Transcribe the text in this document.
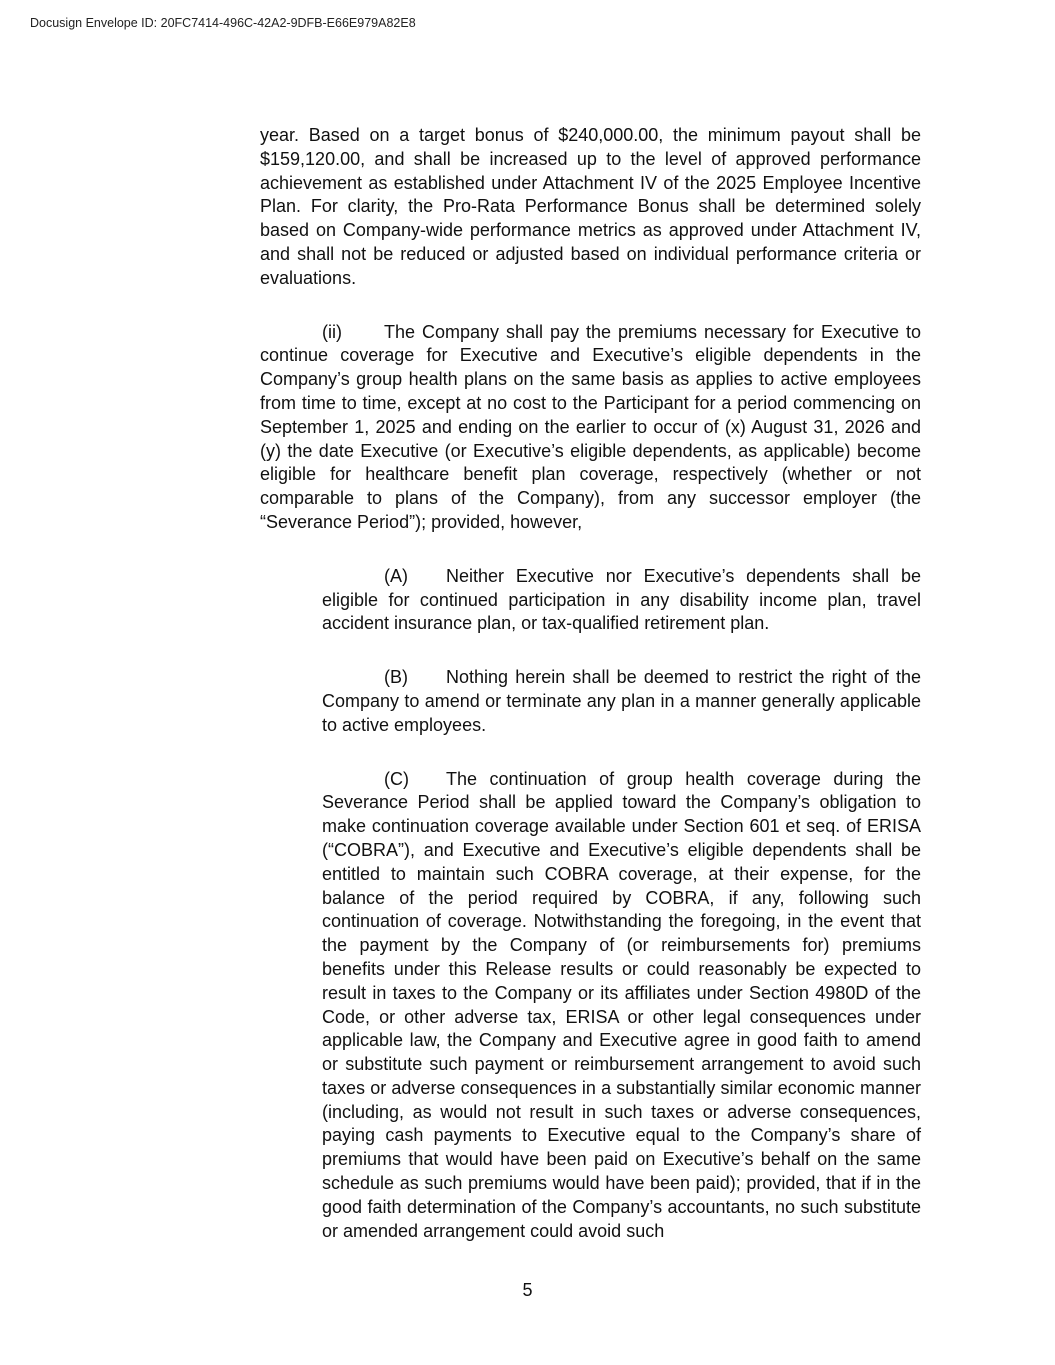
Docusign Envelope ID: 20FC7414-496C-42A2-9DFB-E66E979A82E8

year. Based on a target bonus of $240,000.00, the minimum payout shall be $159,120.00, and shall be increased up to the level of approved performance achievement as established under Attachment IV of the 2025 Employee Incentive Plan. For clarity, the Pro-Rata Performance Bonus shall be determined solely based on Company-wide performance metrics as approved under Attachment IV, and shall not be reduced or adjusted based on individual performance criteria or evaluations.

(ii) The Company shall pay the premiums necessary for Executive to continue coverage for Executive and Executive’s eligible dependents in the Company’s group health plans on the same basis as applies to active employees from time to time, except at no cost to the Participant for a period commencing on September 1, 2025 and ending on the earlier to occur of (x) August 31, 2026 and (y) the date Executive (or Executive’s eligible dependents, as applicable) become eligible for healthcare benefit plan coverage, respectively (whether or not comparable to plans of the Company), from any successor employer (the “Severance Period”); provided, however,

(A) Neither Executive nor Executive’s dependents shall be eligible for continued participation in any disability income plan, travel accident insurance plan, or tax-qualified retirement plan.

(B) Nothing herein shall be deemed to restrict the right of the Company to amend or terminate any plan in a manner generally applicable to active employees.

(C) The continuation of group health coverage during the Severance Period shall be applied toward the Company’s obligation to make continuation coverage available under Section 601 et seq. of ERISA (“COBRA”), and Executive and Executive’s eligible dependents shall be entitled to maintain such COBRA coverage, at their expense, for the balance of the period required by COBRA, if any, following such continuation of coverage. Notwithstanding the foregoing, in the event that the payment by the Company of (or reimbursements for) premiums benefits under this Release results or could reasonably be expected to result in taxes to the Company or its affiliates under Section 4980D of the Code, or other adverse tax, ERISA or other legal consequences under applicable law, the Company and Executive agree in good faith to amend or substitute such payment or reimbursement arrangement to avoid such taxes or adverse consequences in a substantially similar economic manner (including, as would not result in such taxes or adverse consequences, paying cash payments to Executive equal to the Company’s share of premiums that would have been paid on Executive’s behalf on the same schedule as such premiums would have been paid); provided, that if in the good faith determination of the Company’s accountants, no such substitute or amended arrangement could avoid such

5
